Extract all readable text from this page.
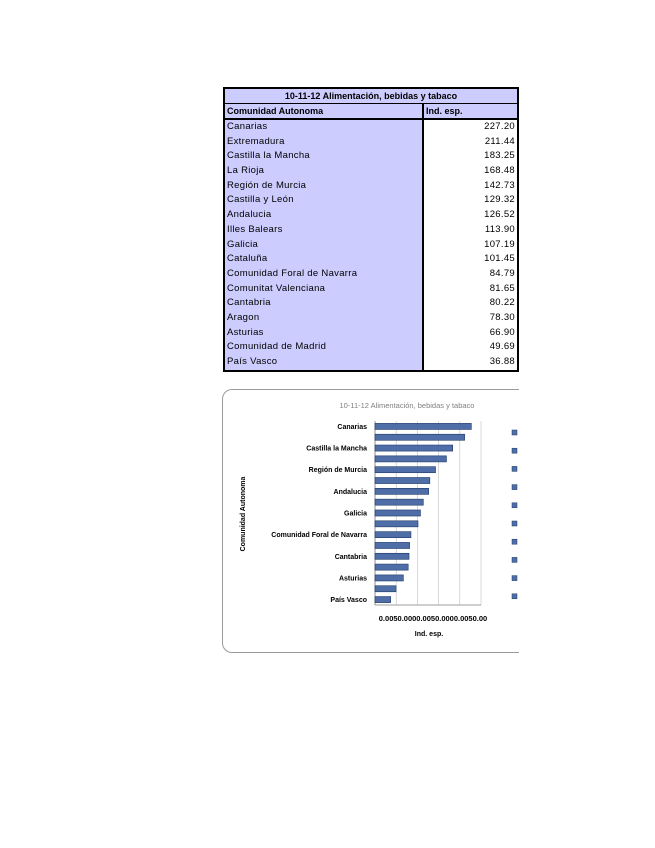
10-11-12 Alimentación, bebidas y tabaco
Comunidad Autonoma	Ind. esp.
Canarias
Extremadura
Castilla la Mancha
La Rioja
Región de Murcia
Castilla y León
Andalucia
Illes Balears
Galicia
Cataluña
Comunidad Foral de Navarra
Comunitat Valenciana
Cantabria
Aragon
Asturias
Comunidad de Madrid
País Vasco
227.20
211.44
183.25
168.48
142.73
129.32
126.52
113.90
107.19
101.45
84.79
81.65
80.22
78.30
66.90
49.69
36.88
10-11-12 Alimentación, bebidas y tabaco
Canarias
Castilla la Mancha
Región de Murcia
Andalucia
Galicia
Comunidad Foral de Navarra
Cantabria
Asturias
País Vasco
0.0050.0000.0050.0000.0050.00
Ind. esp.
Comunidad Autonoma
